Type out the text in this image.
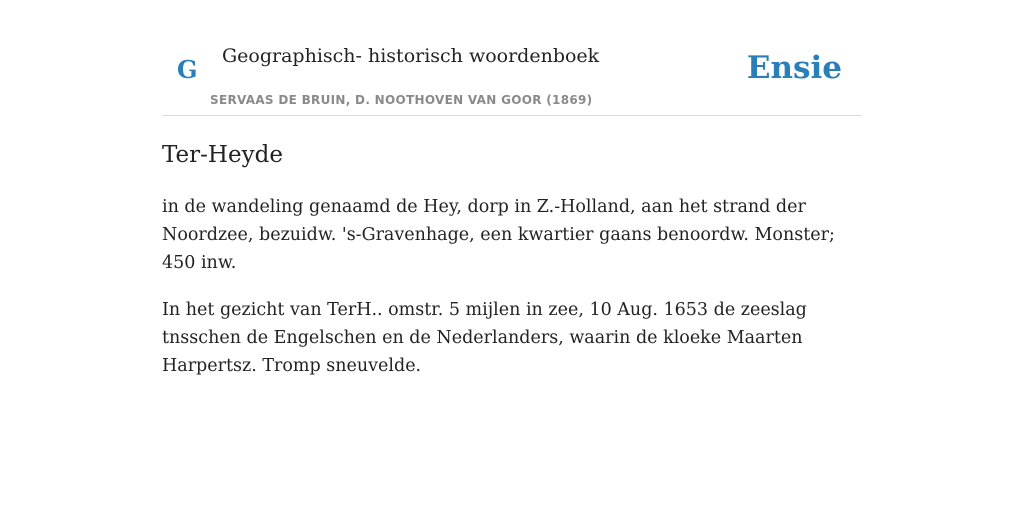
G Geographisch- historisch woordenboek
SERVAAS DE BRUIN, D. NOOTHOVEN VAN GOOR (1869)
Ensie
Ter-Heyde

in de wandeling genaamd de Hey, dorp in Z.-Holland, aan het strand der Noordzee, bezuidw. 's-Gravenhage, een kwartier gaans benoordw. Monster; 450 inw.

In het gezicht van TerH.. omstr. 5 mijlen in zee, 10 Aug. 1653 de zeeslag tnsschen de Engelschen en de Nederlanders, waarin de kloeke Maarten Harpertsz. Tromp sneuvelde.
